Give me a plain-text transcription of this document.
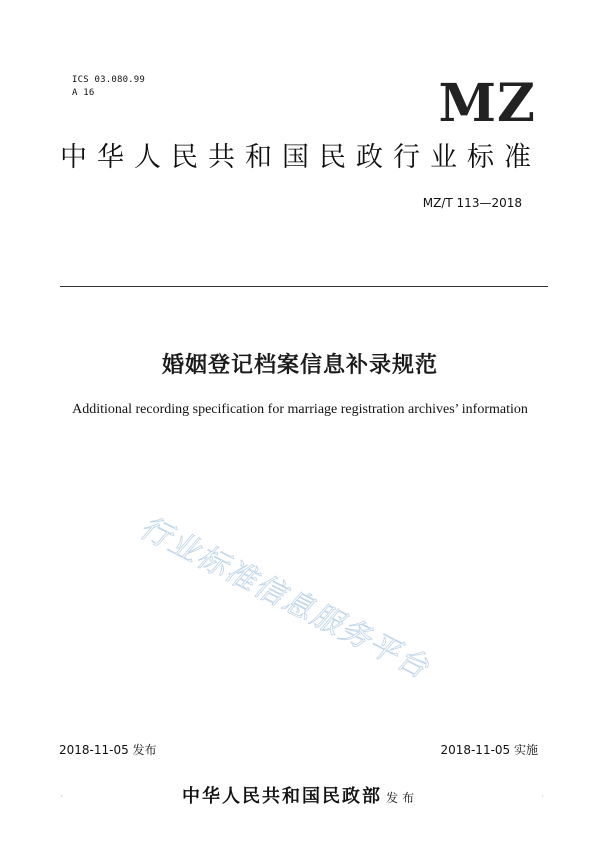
ICS 03.080.99
A 16	MZ
中华人民共和国民政行业标准
MZ/T 113—2018
婚姻登记档案信息补录规范
Additional recording specification for marriage registration archives’ information
行业标准信息服务平台
2018-11-05 发布	2018-11-05 实施
中华人民共和国民政部 发布
·	·
